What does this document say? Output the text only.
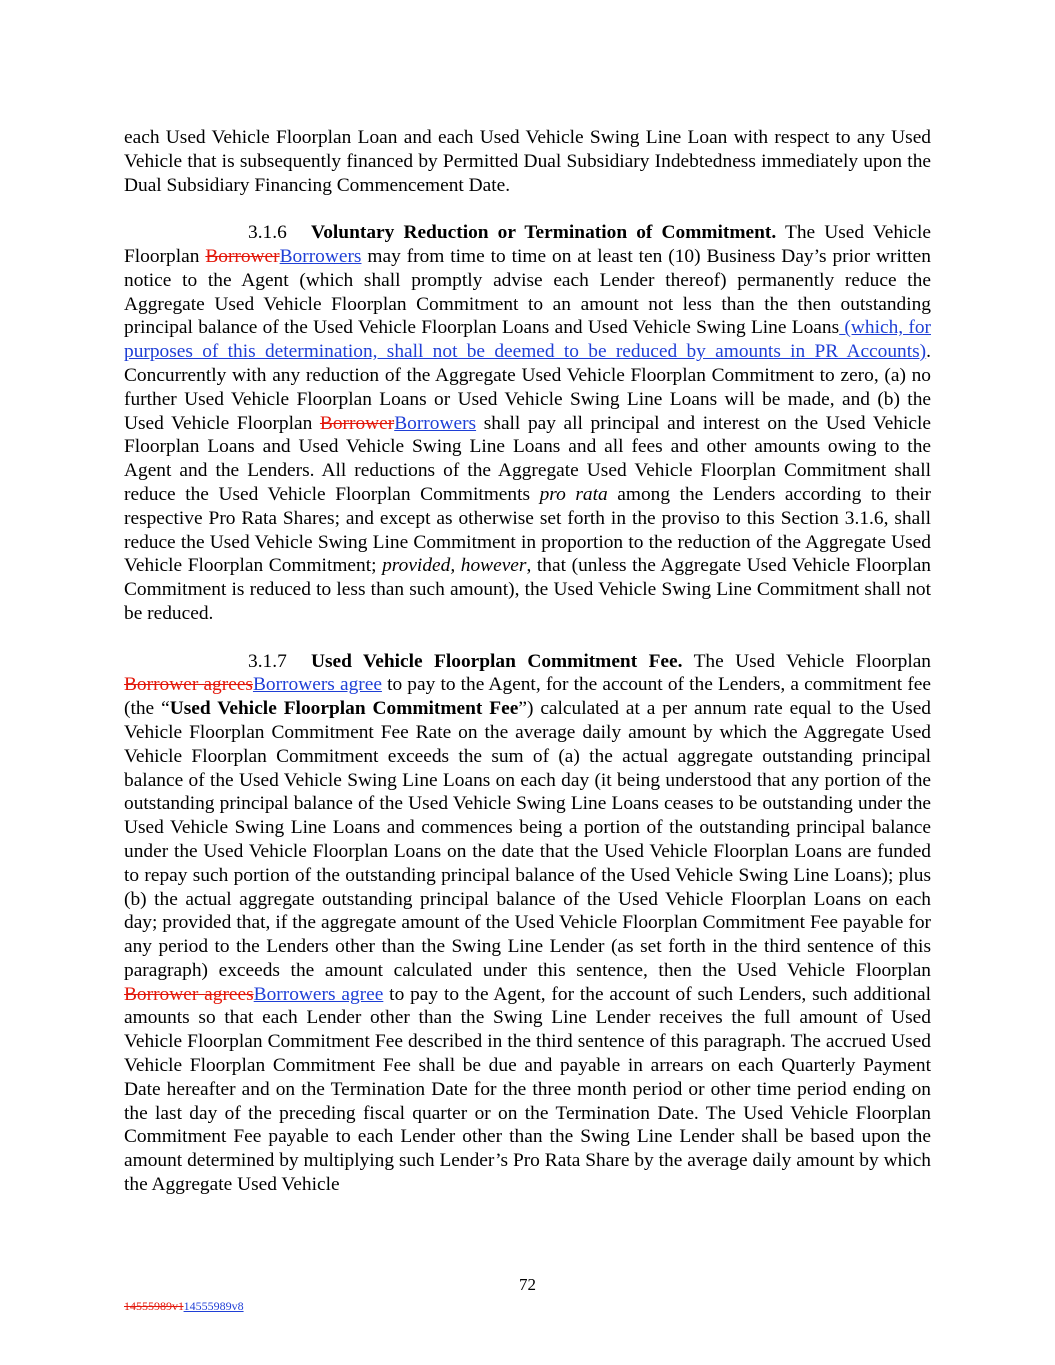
each Used Vehicle Floorplan Loan and each Used Vehicle Swing Line Loan with respect to any Used Vehicle that is subsequently financed by Permitted Dual Subsidiary Indebtedness immediately upon the Dual Subsidiary Financing Commencement Date.

3.1.6 Voluntary Reduction or Termination of Commitment. The Used Vehicle Floorplan BorrowerBorrowers may from time to time on at least ten (10) Business Day’s prior written notice to the Agent (which shall promptly advise each Lender thereof) permanently reduce the Aggregate Used Vehicle Floorplan Commitment to an amount not less than the then outstanding principal balance of the Used Vehicle Floorplan Loans and Used Vehicle Swing Line Loans (which, for purposes of this determination, shall not be deemed to be reduced by amounts in PR Accounts). Concurrently with any reduction of the Aggregate Used Vehicle Floorplan Commitment to zero, (a) no further Used Vehicle Floorplan Loans or Used Vehicle Swing Line Loans will be made, and (b) the Used Vehicle Floorplan BorrowerBorrowers shall pay all principal and interest on the Used Vehicle Floorplan Loans and Used Vehicle Swing Line Loans and all fees and other amounts owing to the Agent and the Lenders. All reductions of the Aggregate Used Vehicle Floorplan Commitment shall reduce the Used Vehicle Floorplan Commitments pro rata among the Lenders according to their respective Pro Rata Shares; and except as otherwise set forth in the proviso to this Section 3.1.6, shall reduce the Used Vehicle Swing Line Commitment in proportion to the reduction of the Aggregate Used Vehicle Floorplan Commitment; provided, however, that (unless the Aggregate Used Vehicle Floorplan Commitment is reduced to less than such amount), the Used Vehicle Swing Line Commitment shall not be reduced.

3.1.7 Used Vehicle Floorplan Commitment Fee. The Used Vehicle Floorplan Borrower agreesBorrowers agree to pay to the Agent, for the account of the Lenders, a commitment fee (the “Used Vehicle Floorplan Commitment Fee”) calculated at a per annum rate equal to the Used Vehicle Floorplan Commitment Fee Rate on the average daily amount by which the Aggregate Used Vehicle Floorplan Commitment exceeds the sum of (a) the actual aggregate outstanding principal balance of the Used Vehicle Swing Line Loans on each day (it being understood that any portion of the outstanding principal balance of the Used Vehicle Swing Line Loans ceases to be outstanding under the Used Vehicle Swing Line Loans and commences being a portion of the outstanding principal balance under the Used Vehicle Floorplan Loans on the date that the Used Vehicle Floorplan Loans are funded to repay such portion of the outstanding principal balance of the Used Vehicle Swing Line Loans); plus (b) the actual aggregate outstanding principal balance of the Used Vehicle Floorplan Loans on each day; provided that, if the aggregate amount of the Used Vehicle Floorplan Commitment Fee payable for any period to the Lenders other than the Swing Line Lender (as set forth in the third sentence of this paragraph) exceeds the amount calculated under this sentence, then the Used Vehicle Floorplan Borrower agreesBorrowers agree to pay to the Agent, for the account of such Lenders, such additional amounts so that each Lender other than the Swing Line Lender receives the full amount of Used Vehicle Floorplan Commitment Fee described in the third sentence of this paragraph. The accrued Used Vehicle Floorplan Commitment Fee shall be due and payable in arrears on each Quarterly Payment Date hereafter and on the Termination Date for the three month period or other time period ending on the last day of the preceding fiscal quarter or on the Termination Date. The Used Vehicle Floorplan Commitment Fee payable to each Lender other than the Swing Line Lender shall be based upon the amount determined by multiplying such Lender’s Pro Rata Share by the average daily amount by which the Aggregate Used Vehicle

72
14555989v114555989v8
